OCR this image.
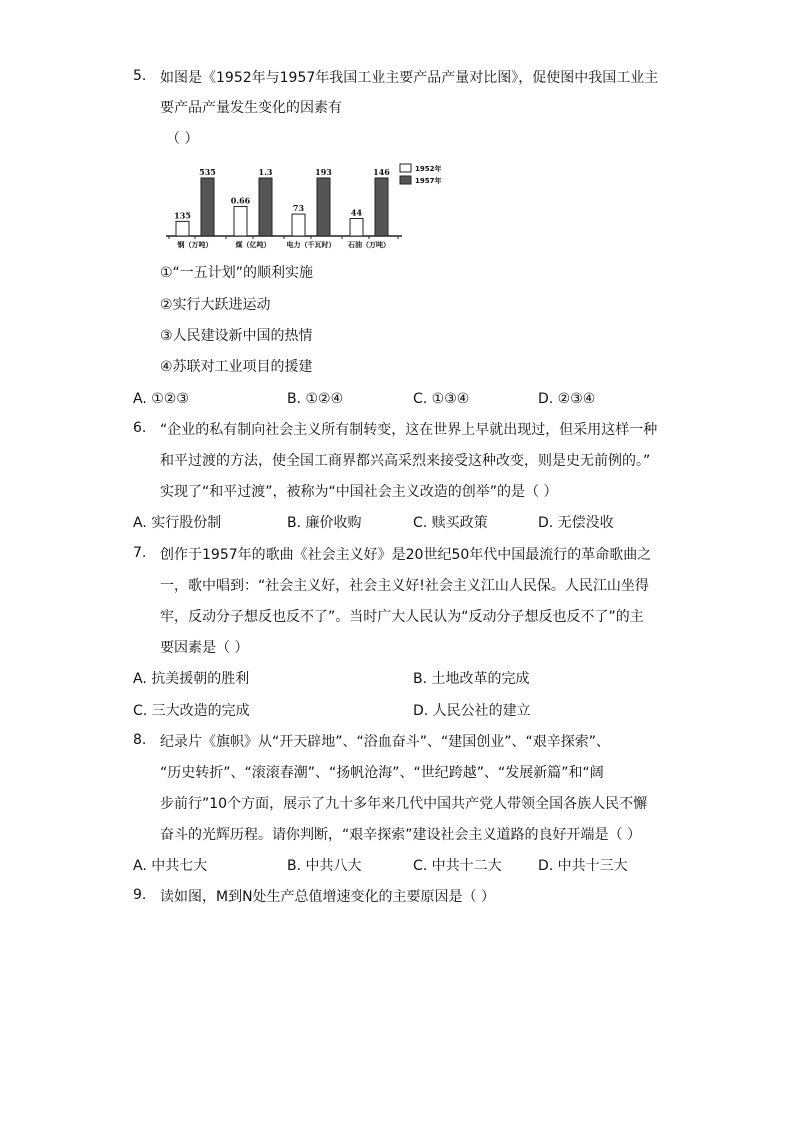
5. 如图是《1952年与1957年我国工业主要产品产量对比图》，促使图中我国工业主
要产品产量发生变化的因素有
（ ）
135
535
钢（万吨）
0.66
1.3
煤（亿吨）
73
193
电力（千瓦时）
44
146
石油（万吨）
1952年
1957年
①“一五计划”的顺利实施
②实行大跃进运动
③人民建设新中国的热情
④苏联对工业项目的援建
A. ①②③	B. ①②④	C. ①③④	D. ②③④
6. “企业的私有制向社会主义所有制转变，这在世界上早就出现过，但采用这样一种
和平过渡的方法，使全国工商界都兴高采烈来接受这种改变，则是史无前例的。”
实现了“和平过渡”，被称为“中国社会主义改造的创举”的是（ ）
A. 实行股份制	B. 廉价收购	C. 赎买政策	D. 无偿没收
7. 创作于1957年的歌曲《社会主义好》是20世纪50年代中国最流行的革命歌曲之
一，歌中唱到：“社会主义好，社会主义好!社会主义江山人民保。人民江山坐得
牢，反动分子想反也反不了”。当时广大人民认为“反动分子想反也反不了”的主
要因素是（ ）
A. 抗美援朝的胜利	B. 土地改革的完成
C. 三大改造的完成	D. 人民公社的建立
8. 纪录片《旗帜》从“开天辟地”、“浴血奋斗”、“建国创业”、“艰辛探索”、
“历史转折”、“滚滚春潮”、“扬帆沧海”、“世纪跨越”、“发展新篇”和“阔
步前行”10个方面，展示了九十多年来几代中国共产党人带领全国各族人民不懈
奋斗的光辉历程。请你判断，“艰辛探索”建设社会主义道路的良好开端是（ ）
A. 中共七大	B. 中共八大	C. 中共十二大	D. 中共十三大
9. 读如图，M到N处生产总值增速变化的主要原因是（ ）
